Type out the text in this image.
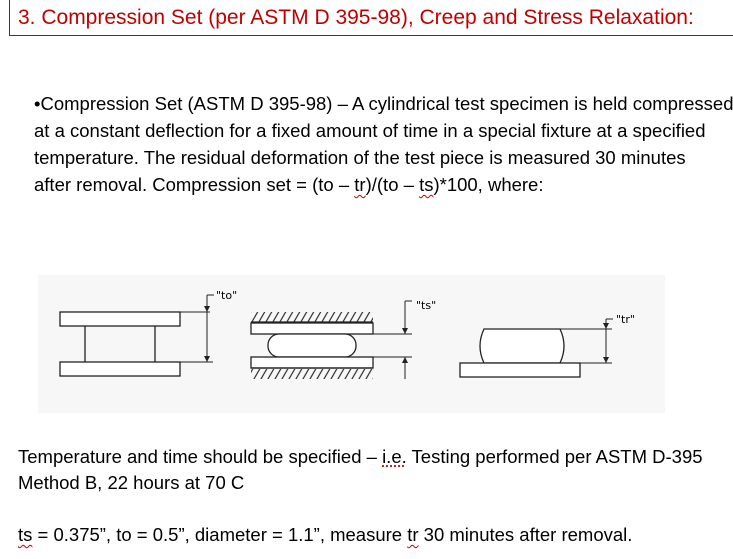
3. Compression Set (per ASTM D 395-98), Creep and Stress Relaxation:
•Compression Set (ASTM D 395-98) – A cylindrical test specimen is held compressed
at a constant deflection for a fixed amount of time in a special fixture at a specified
temperature. The residual deformation of the test piece is measured 30 minutes
after removal. Compression set = (to – tr)/(to – ts)*100, where:
"to"
"ts"
"tr"
Temperature and time should be specified – i.e. Testing performed per ASTM D-395
Method B, 22 hours at 70 C
ts = 0.375”, to = 0.5”, diameter = 1.1”, measure tr 30 minutes after removal.
